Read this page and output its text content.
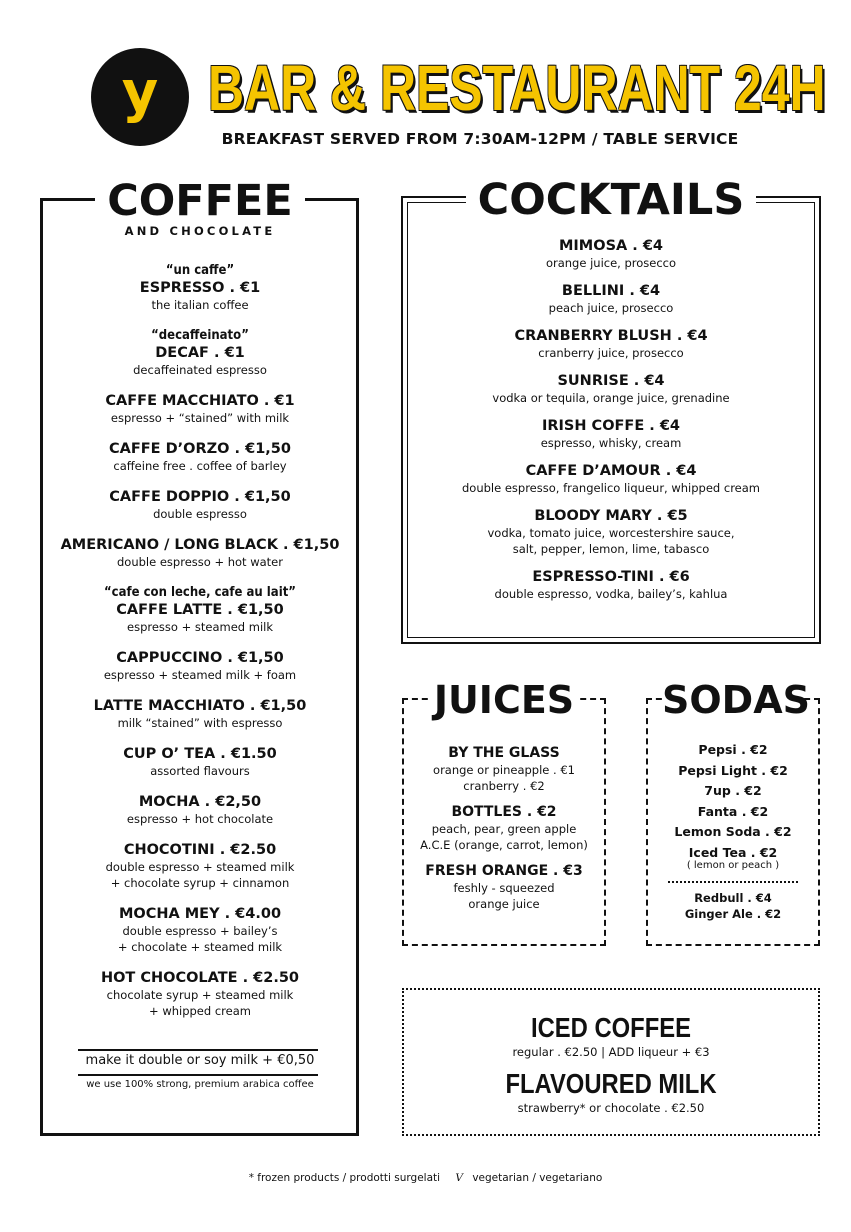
y BAR & RESTAURANT 24H
BREAKFAST SERVED FROM 7:30AM-12PM / TABLE SERVICE
COFFEE
AND CHOCOLATE
“un caffe”
ESPRESSO . €1
the italian coffee
“decaffeinato”
DECAF . €1
decaffeinated espresso
CAFFE MACCHIATO . €1
espresso + “stained” with milk
CAFFE D’ORZO . €1,50
caffeine free . coffee of barley
CAFFE DOPPIO . €1,50
double espresso
AMERICANO / LONG BLACK . €1,50
double espresso + hot water
“cafe con leche, cafe au lait”
CAFFE LATTE . €1,50
espresso + steamed milk
CAPPUCCINO . €1,50
espresso + steamed milk + foam
LATTE MACCHIATO . €1,50
milk “stained” with espresso
CUP O’ TEA . €1.50
assorted flavours
MOCHA . €2,50
espresso + hot chocolate
CHOCOTINI . €2.50
double espresso + steamed milk
+ chocolate syrup + cinnamon
MOCHA MEY . €4.00
double espresso + bailey’s
+ chocolate + steamed milk
HOT CHOCOLATE . €2.50
chocolate syrup + steamed milk
+ whipped cream
make it double or soy milk + €0,50
we use 100% strong, premium arabica coffee
COCKTAILS
MIMOSA . €4
orange juice, prosecco
BELLINI . €4
peach juice, prosecco
CRANBERRY BLUSH . €4
cranberry juice, prosecco
SUNRISE . €4
vodka or tequila, orange juice, grenadine
IRISH COFFE . €4
espresso, whisky, cream
CAFFE D’AMOUR . €4
double espresso, frangelico liqueur, whipped cream
BLOODY MARY . €5
vodka, tomato juice, worcestershire sauce,
salt, pepper, lemon, lime, tabasco
ESPRESSO-TINI . €6
double espresso, vodka, bailey’s, kahlua
JUICES
BY THE GLASS
orange or pineapple . €1
cranberry . €2
BOTTLES . €2
peach, pear, green apple
A.C.E (orange, carrot, lemon)
FRESH ORANGE . €3
feshly - squeezed
orange juice
SODAS
Pepsi . €2
Pepsi Light . €2
7up . €2
Fanta . €2
Lemon Soda . €2
Iced Tea . €2
( lemon or peach )
Redbull . €4
Ginger Ale . €2
ICED COFFEE
regular . €2.50 | ADD liqueur + €3
FLAVOURED MILK
strawberry* or chocolate . €2.50
* frozen products / prodotti surgelati V vegetarian / vegetariano
